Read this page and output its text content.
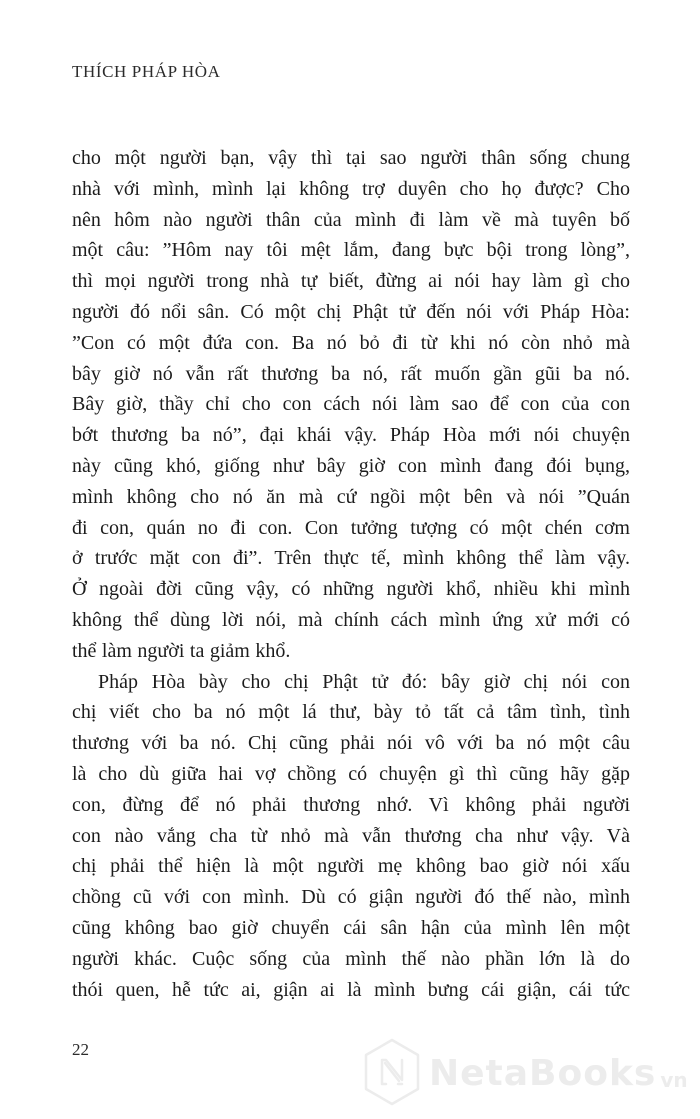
THÍCH PHÁP HÒA
cho một người bạn, vậy thì tại sao người thân sống chung
nhà với mình, mình lại không trợ duyên cho họ được? Cho
nên hôm nào người thân của mình đi làm về mà tuyên bố
một câu: ”Hôm nay tôi mệt lắm, đang bực bội trong lòng”,
thì mọi người trong nhà tự biết, đừng ai nói hay làm gì cho
người đó nổi sân. Có một chị Phật tử đến nói với Pháp Hòa:
”Con có một đứa con. Ba nó bỏ đi từ khi nó còn nhỏ mà
bây giờ nó vẫn rất thương ba nó, rất muốn gần gũi ba nó.
Bây giờ, thầy chỉ cho con cách nói làm sao để con của con
bớt thương ba nó”, đại khái vậy. Pháp Hòa mới nói chuyện
này cũng khó, giống như bây giờ con mình đang đói bụng,
mình không cho nó ăn mà cứ ngồi một bên và nói ”Quán
đi con, quán no đi con. Con tưởng tượng có một chén cơm
ở trước mặt con đi”. Trên thực tế, mình không thể làm vậy.
Ở ngoài đời cũng vậy, có những người khổ, nhiều khi mình
không thể dùng lời nói, mà chính cách mình ứng xử mới có
thể làm người ta giảm khổ.
Pháp Hòa bày cho chị Phật tử đó: bây giờ chị nói con
chị viết cho ba nó một lá thư, bày tỏ tất cả tâm tình, tình
thương với ba nó. Chị cũng phải nói vô với ba nó một câu
là cho dù giữa hai vợ chồng có chuyện gì thì cũng hãy gặp
con, đừng để nó phải thương nhớ. Vì không phải người
con nào vắng cha từ nhỏ mà vẫn thương cha như vậy. Và
chị phải thể hiện là một người mẹ không bao giờ nói xấu
chồng cũ với con mình. Dù có giận người đó thế nào, mình
cũng không bao giờ chuyển cái sân hận của mình lên một
người khác. Cuộc sống của mình thế nào phần lớn là do
thói quen, hễ tức ai, giận ai là mình bưng cái giận, cái tức
22
NetaBooks vn
